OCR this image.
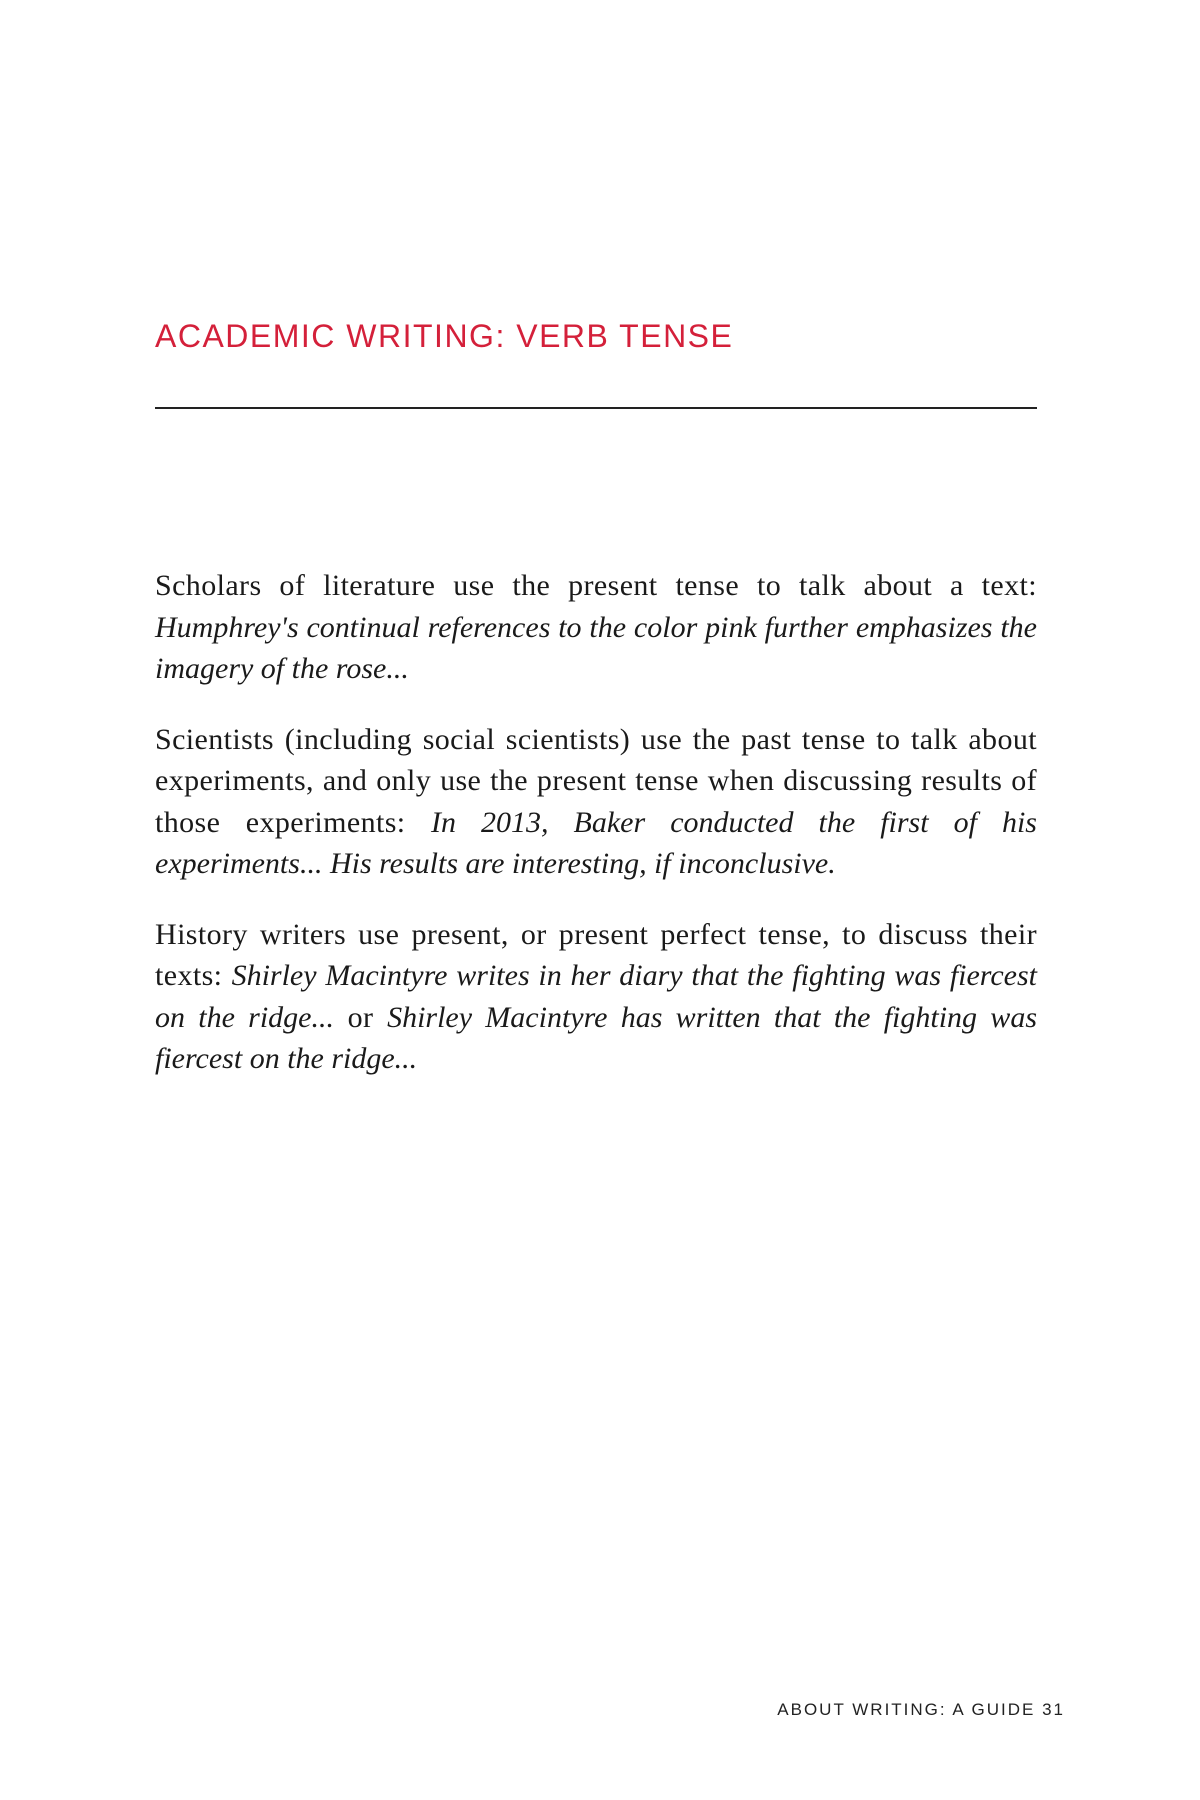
ACADEMIC WRITING: VERB TENSE

Scholars of literature use the present tense to talk about a text: Humphrey's continual references to the color pink further emphasizes the imagery of the rose...

Scientists (including social scientists) use the past tense to talk about experiments, and only use the present tense when discussing results of those experiments: In 2013, Baker conducted the first of his experiments... His results are interesting, if inconclusive.

History writers use present, or present perfect tense, to discuss their texts: Shirley Macintyre writes in her diary that the fighting was fiercest on the ridge... or Shirley Macintyre has written that the fighting was fiercest on the ridge...

ABOUT WRITING: A GUIDE 31
